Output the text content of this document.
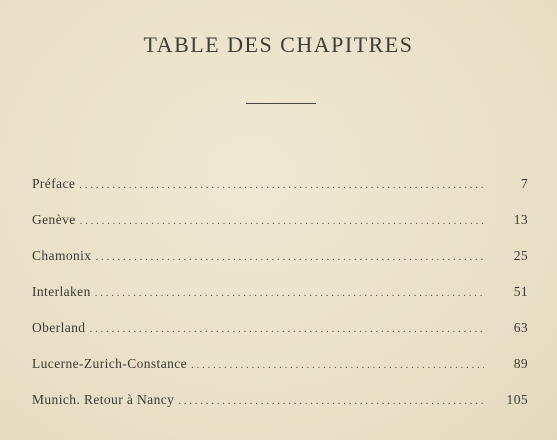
TABLE DES CHAPITRES
Préface . . .	7
Genève . . .	13
Chamonix . . .	25
Interlaken . . .	51
Oberland . . .	63
Lucerne-Zurich-Constance . . .	89
Munich. Retour à Nancy . . .	105
